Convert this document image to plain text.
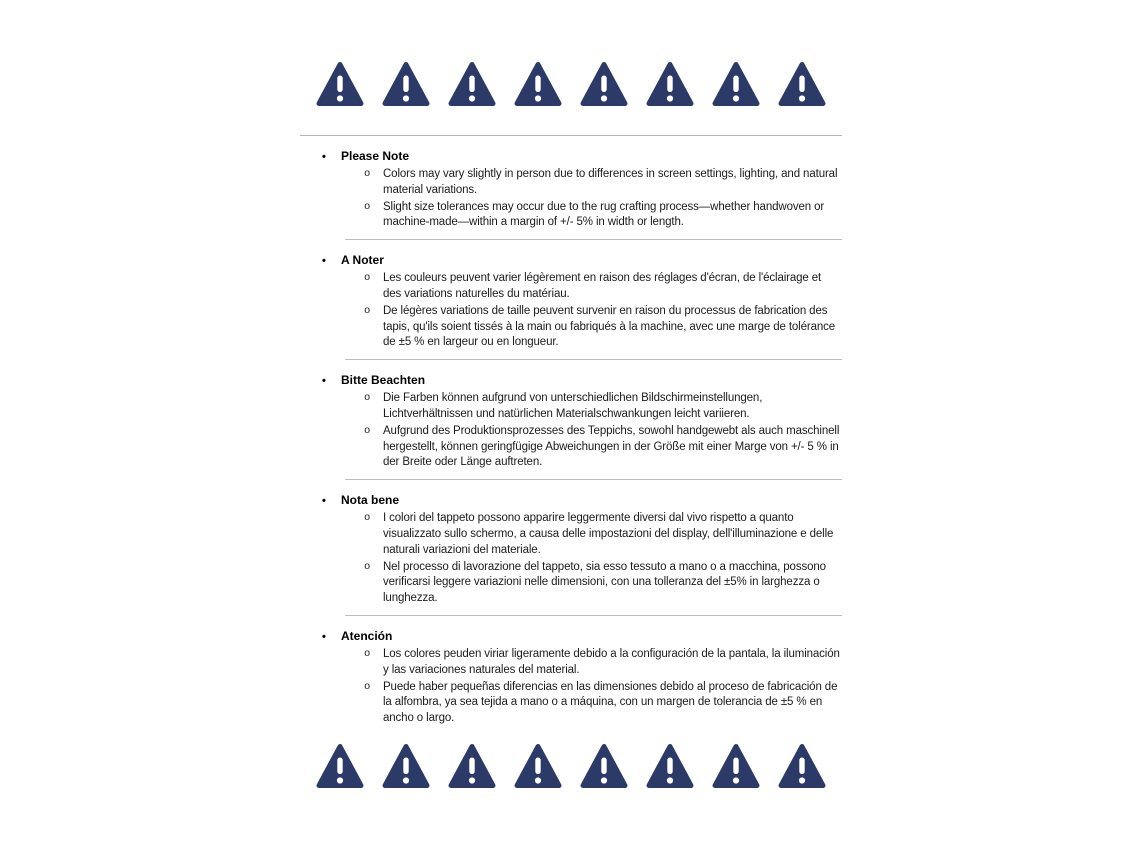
•	Please Note
o	Colors may vary slightly in person due to differences in screen settings, lighting, and natural material variations.
o	Slight size tolerances may occur due to the rug crafting process—whether handwoven or machine-made—within a margin of +/- 5% in width or length.
•	A Noter
o	Les couleurs peuvent varier légèrement en raison des réglages d'écran, de l'éclairage et des variations naturelles du matériau.
o	De légères variations de taille peuvent survenir en raison du processus de fabrication des tapis, qu'ils soient tissés à la main ou fabriqués à la machine, avec une marge de tolérance de ±5 % en largeur ou en longueur.
•	Bitte Beachten
o	Die Farben können aufgrund von unterschiedlichen Bildschirmeinstellungen, Lichtverhältnissen und natürlichen Materialschwankungen leicht variieren.
o	Aufgrund des Produktionsprozesses des Teppichs, sowohl handgewebt als auch maschinell hergestellt, können geringfügige Abweichungen in der Größe mit einer Marge von +/- 5 % in der Breite oder Länge auftreten.
•	Nota bene
o	I colori del tappeto possono apparire leggermente diversi dal vivo rispetto a quanto visualizzato sullo schermo, a causa delle impostazioni del display, dell'illuminazione e delle naturali variazioni del materiale.
o	Nel processo di lavorazione del tappeto, sia esso tessuto a mano o a macchina, possono verificarsi leggere variazioni nelle dimensioni, con una tolleranza del ±5% in larghezza o lunghezza.
•	Atención
o	Los colores peuden viriar ligeramente debido a la configuración de la pantala, la iluminación y las variaciones naturales del material.
o	Puede haber pequeñas diferencias en las dimensiones debido al proceso de fabricación de la alfombra, ya sea tejida a mano o a máquina, con un margen de tolerancia de ±5 % en ancho o largo.
